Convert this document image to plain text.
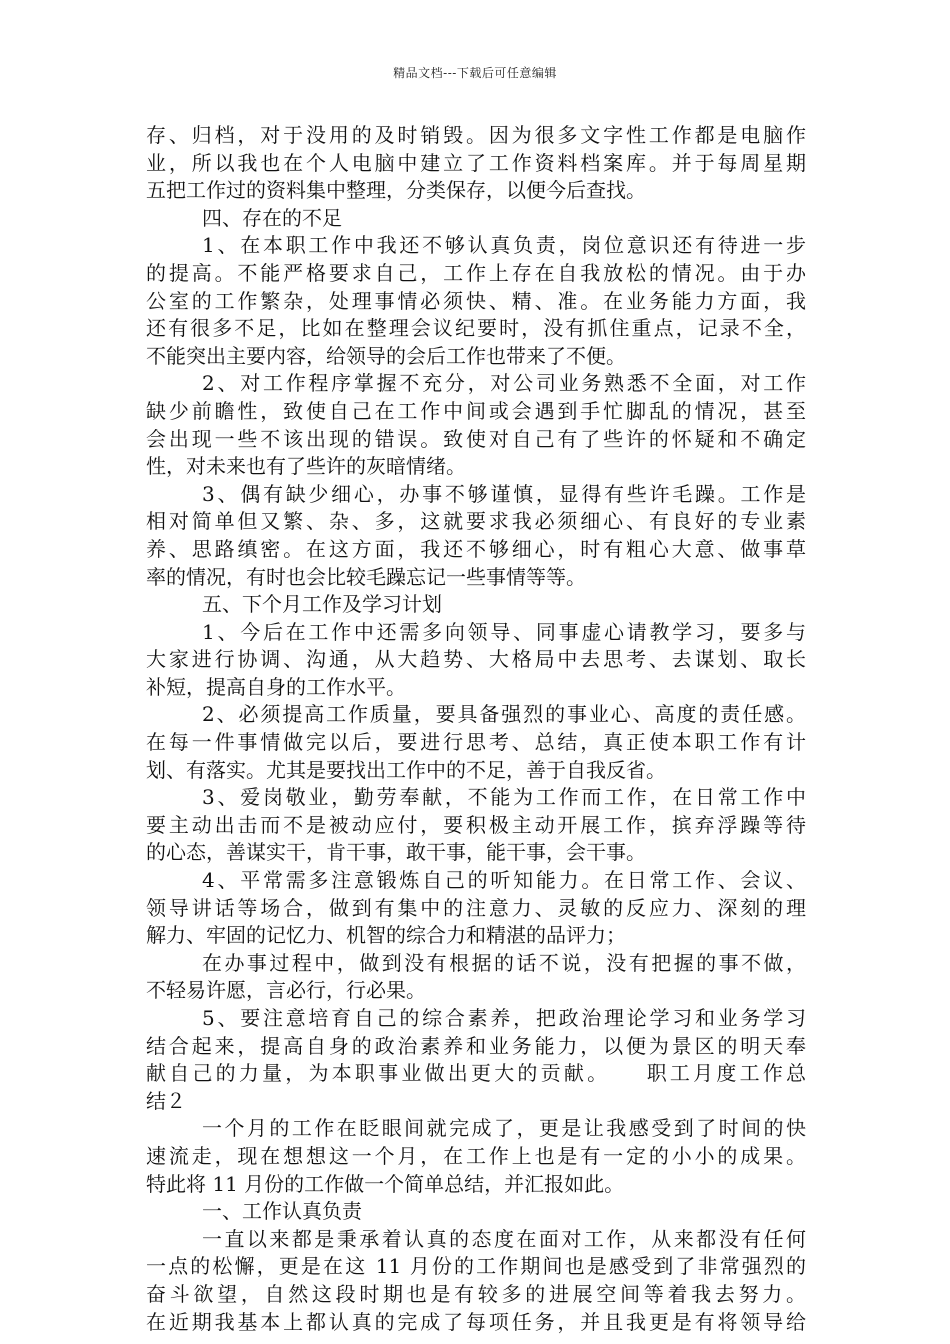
精品文档---下载后可任意编辑
存、归档，对于没用的及时销毁。因为很多文字性工作都是电脑作
业，所以我也在个人电脑中建立了工作资料档案库。并于每周星期
五把工作过的资料集中整理，分类保存，以便今后查找。
四、存在的不足
1、在本职工作中我还不够认真负责，岗位意识还有待进一步
的提高。不能严格要求自己，工作上存在自我放松的情况。由于办
公室的工作繁杂，处理事情必须快、精、准。在业务能力方面，我
还有很多不足，比如在整理会议纪要时，没有抓住重点，记录不全，
不能突出主要内容，给领导的会后工作也带来了不便。
2、对工作程序掌握不充分，对公司业务熟悉不全面，对工作
缺少前瞻性，致使自己在工作中间或会遇到手忙脚乱的情况，甚至
会出现一些不该出现的错误。致使对自己有了些许的怀疑和不确定
性，对未来也有了些许的灰暗情绪。
3、偶有缺少细心，办事不够谨慎，显得有些许毛躁。工作是
相对简单但又繁、杂、多，这就要求我必须细心、有良好的专业素
养、思路缜密。在这方面，我还不够细心，时有粗心大意、做事草
率的情况，有时也会比较毛躁忘记一些事情等等。
五、下个月工作及学习计划
1、今后在工作中还需多向领导、同事虚心请教学习，要多与
大家进行协调、沟通，从大趋势、大格局中去思考、去谋划、取长
补短，提高自身的工作水平。
2、必须提高工作质量，要具备强烈的事业心、高度的责任感。
在每一件事情做完以后，要进行思考、总结，真正使本职工作有计
划、有落实。尤其是要找出工作中的不足，善于自我反省。
3、爱岗敬业，勤劳奉献，不能为工作而工作，在日常工作中
要主动出击而不是被动应付，要积极主动开展工作，摈弃浮躁等待
的心态，善谋实干，肯干事，敢干事，能干事，会干事。
4、平常需多注意锻炼自己的听知能力。在日常工作、会议、
领导讲话等场合，做到有集中的注意力、灵敏的反应力、深刻的理
解力、牢固的记忆力、机智的综合力和精湛的品评力；
在办事过程中，做到没有根据的话不说，没有把握的事不做，
不轻易许愿，言必行，行必果。
5、要注意培育自己的综合素养，把政治理论学习和业务学习
结合起来，提高自身的政治素养和业务能力，以便为景区的明天奉
献自己的力量，为本职事业做出更大的贡献。　　职工月度工作总
结２
一个月的工作在眨眼间就完成了，更是让我感受到了时间的快
速流走，现在想想这一个月，在工作上也是有一定的小小的成果。
特此将 11 月份的工作做一个简单总结，并汇报如此。
一、工作认真负责
一直以来都是秉承着认真的态度在面对工作，从来都没有任何
一点的松懈，更是在这 11 月份的工作期间也是感受到了非常强烈的
奋斗欲望，自然这段时期也是有较多的进展空间等着我去努力。
在近期我基本上都认真的完成了每项任务，并且我更是有将领导给
